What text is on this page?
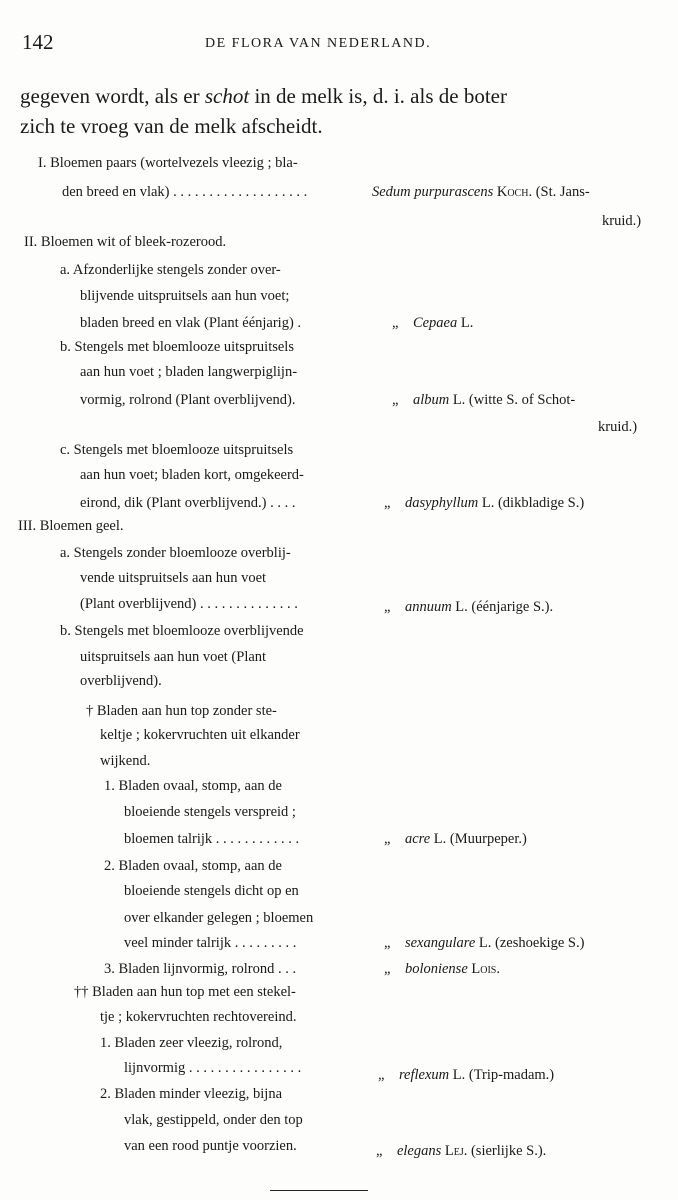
142	DE FLORA VAN NEDERLAND.
gegeven wordt, als er schot in de melk is, d. i. als de boter
zich te vroeg van de melk afscheidt.
I. Bloemen paars (wortelvezels vleezig ; bla-
den breed en vlak) . . . . . . . . . . . . . . . . . . .
II. Bloemen wit of bleek-rozerood.
a. Afzonderlijke stengels zonder over-
blijvende uitspruitsels aan hun voet;
bladen breed en vlak (Plant éénjarig) .
b. Stengels met bloemlooze uitspruitsels
aan hun voet ; bladen langwerpiglijn-
vormig, rolrond (Plant overblijvend).
c. Stengels met bloemlooze uitspruitsels
aan hun voet; bladen kort, omgekeerd-
eirond, dik (Plant overblijvend.) . . . .
III. Bloemen geel.
a. Stengels zonder bloemlooze overblij-
vende uitspruitsels aan hun voet
(Plant overblijvend) . . . . . . . . . . . . . .
b. Stengels met bloemlooze overblijvende
uitspruitsels aan hun voet (Plant
overblijvend).
† Bladen aan hun top zonder ste-
keltje ; kokervruchten uit elkander
wijkend.
1. Bladen ovaal, stomp, aan de
bloeiende stengels verspreid ;
bloemen talrijk . . . . . . . . . . . .
2. Bladen ovaal, stomp, aan de
bloeiende stengels dicht op en
over elkander gelegen ; bloemen
veel minder talrijk . . . . . . . . .
3. Bladen lijnvormig, rolrond . . .
†† Bladen aan hun top met een stekel-
tje ; kokervruchten rechtovereind.
1. Bladen zeer vleezig, rolrond,
lijnvormig . . . . . . . . . . . . . . . .
2. Bladen minder vleezig, bijna
vlak, gestippeld, onder den top
van een rood puntje voorzien.
Sedum purpurascens Koch. (St. Jans-
kruid.)
„ Cepaea L.
„ album L. (witte S. of Schot-
kruid.)
„ dasyphyllum L. (dikbladige S.)
„ annuum L. (éénjarige S.).
„ acre L. (Muurpeper.)
„ sexangulare L. (zeshoekige S.)
„ boloniense Lois.
„ reflexum L. (Trip-madam.)
„ elegans Lej. (sierlijke S.).
